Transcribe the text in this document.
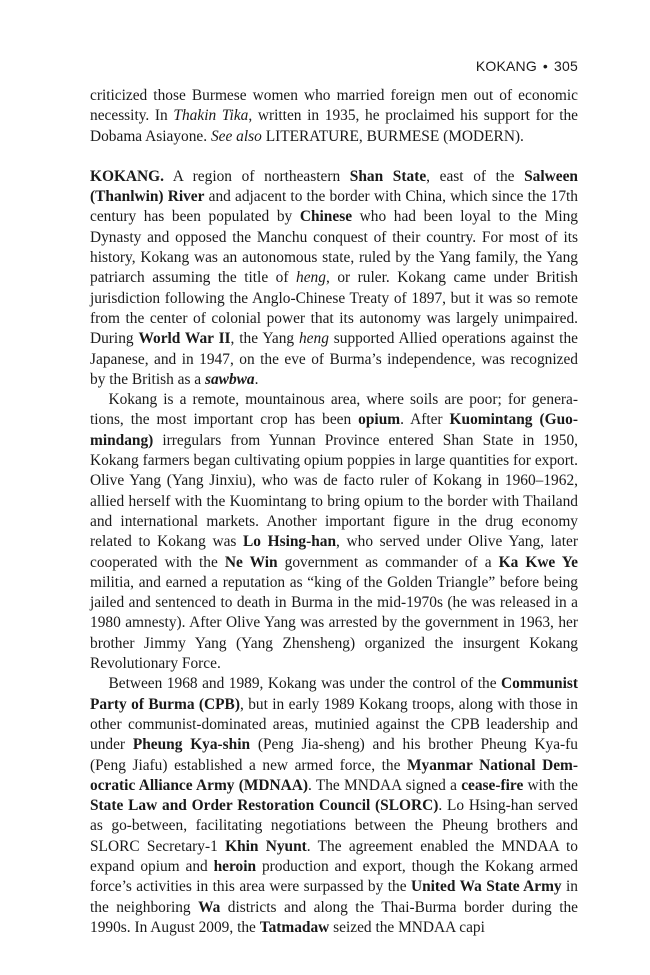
KOKANG • 305

criticized those Burmese women who married foreign men out of economic necessity. In Thakin Tika, written in 1935, he proclaimed his support for the Dobama Asiayone. See also LITERATURE, BURMESE (MODERN).

KOKANG. A region of northeastern Shan State, east of the Salween (Thanlwin) River and adjacent to the border with China, which since the 17th century has been populated by Chinese who had been loyal to the Ming Dynasty and opposed the Manchu conquest of their country. For most of its history, Kokang was an autonomous state, ruled by the Yang family, the Yang patriarch assuming the title of heng, or ruler. Kokang came under British jurisdiction following the Anglo-Chinese Treaty of 1897, but it was so remote from the center of colonial power that its autonomy was largely unimpaired. During World War II, the Yang heng supported Allied operations against the Japanese, and in 1947, on the eve of Burma’s independence, was recognized by the British as a sawbwa.

Kokang is a remote, mountainous area, where soils are poor; for generations, the most important crop has been opium. After Kuomintang (Guomindang) irregulars from Yunnan Province entered Shan State in 1950, Kokang farmers began cultivating opium poppies in large quantities for export. Olive Yang (Yang Jinxiu), who was de facto ruler of Kokang in 1960–1962, allied herself with the Kuomintang to bring opium to the border with Thailand and international markets. Another important figure in the drug economy related to Kokang was Lo Hsing-han, who served under Olive Yang, later cooperated with the Ne Win government as commander of a Ka Kwe Ye militia, and earned a reputation as “king of the Golden Triangle” before being jailed and sentenced to death in Burma in the mid-1970s (he was released in a 1980 amnesty). After Olive Yang was arrested by the government in 1963, her brother Jimmy Yang (Yang Zhensheng) organized the insurgent Kokang Revolutionary Force.

Between 1968 and 1989, Kokang was under the control of the Communist Party of Burma (CPB), but in early 1989 Kokang troops, along with those in other communist-dominated areas, mutinied against the CPB leadership and under Pheung Kya-shin (Peng Jia-sheng) and his brother Pheung Kya-fu (Peng Jiafu) established a new armed force, the Myanmar National Democratic Alliance Army (MDNAA). The MNDAA signed a cease-fire with the State Law and Order Restoration Council (SLORC). Lo Hsing-han served as go-between, facilitating negotiations between the Pheung brothers and SLORC Secretary-1 Khin Nyunt. The agreement enabled the MNDAA to expand opium and heroin production and export, though the Kokang armed force’s activities in this area were surpassed by the United Wa State Army in the neighboring Wa districts and along the Thai-Burma border during the 1990s. In August 2009, the Tatmadaw seized the MNDAA capi
